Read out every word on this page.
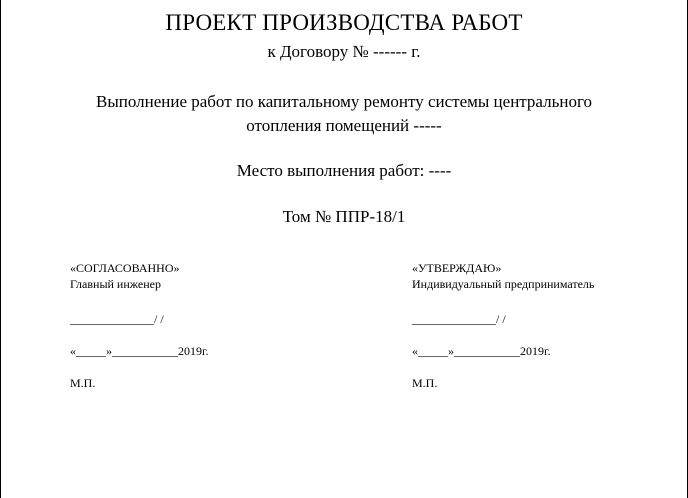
ПРОЕКТ ПРОИЗВОДСТВА РАБОТ
к Договору № ------ г.
Выполнение работ по капитальному ремонту системы центрального
отопления помещений -----
Место выполнения работ: ----
Том № ППР-18/1
«СОГЛАСОВАННО»
Главный инженер
______________/ /
«_____»___________2019г.
М.П.
«УТВЕРЖДАЮ»
Индивидуальный предприниматель
______________/ /
«_____»___________2019г.
М.П.
